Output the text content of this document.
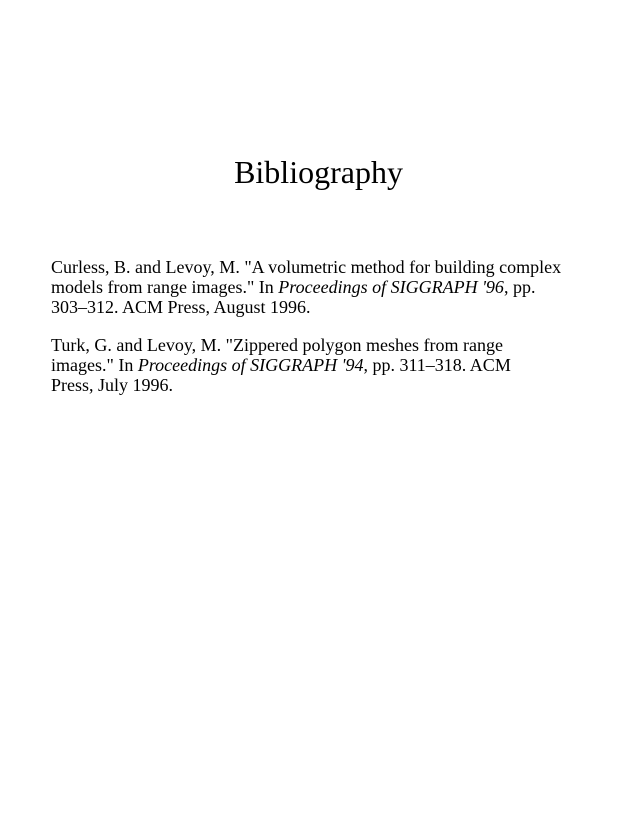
Bibliography
Curless, B. and Levoy, M. "A volumetric method for building complex
models from range images." In Proceedings of SIGGRAPH '96, pp.
303–312. ACM Press, August 1996.
Turk, G. and Levoy, M. "Zippered polygon meshes from range
images." In Proceedings of SIGGRAPH '94, pp. 311–318. ACM
Press, July 1996.
